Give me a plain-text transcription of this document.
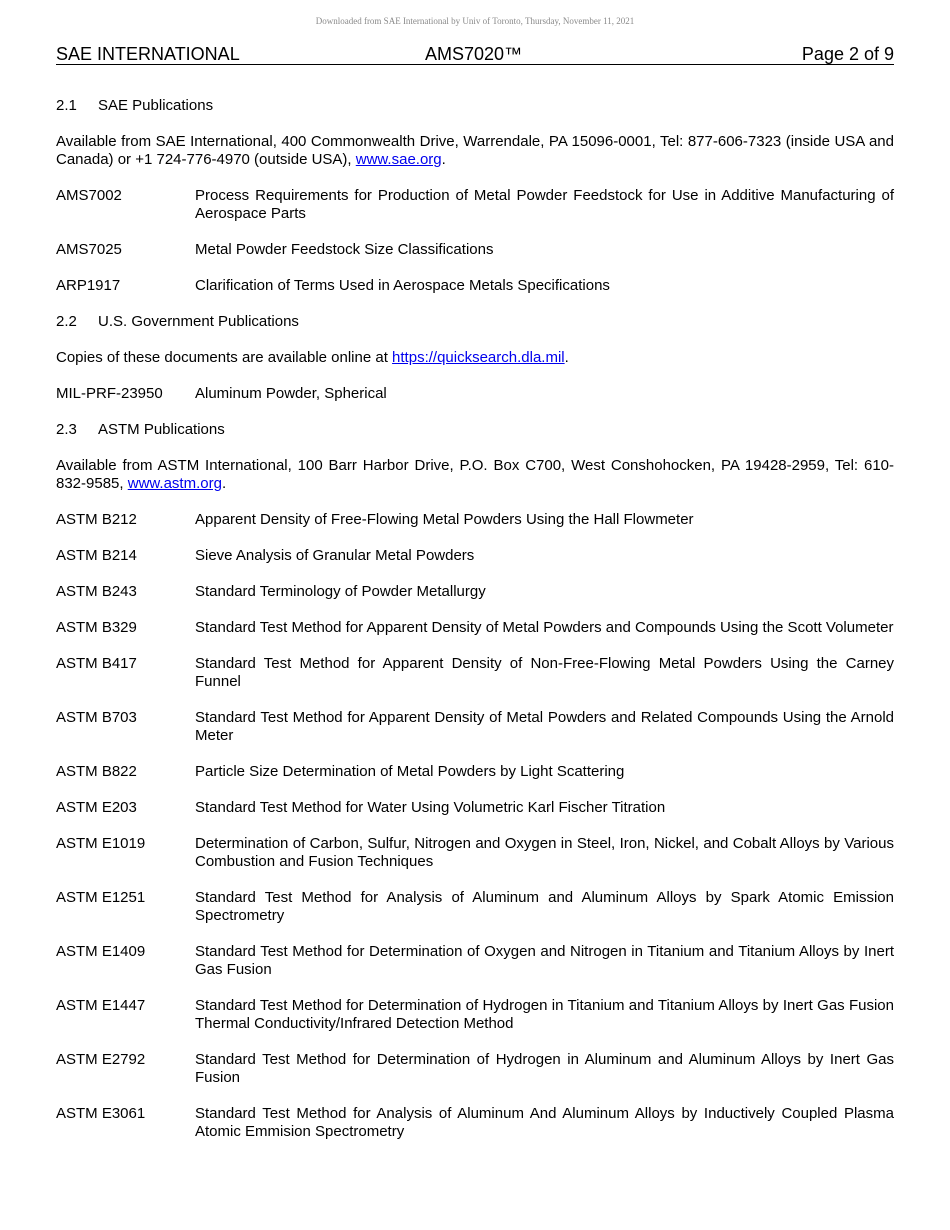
Downloaded from SAE International by Univ of Toronto, Thursday, November 11, 2021
SAE INTERNATIONAL	AMS7020™	Page 2 of 9
2.1 SAE Publications

Available from SAE International, 400 Commonwealth Drive, Warrendale, PA 15096-0001, Tel: 877-606-7323 (inside USA and Canada) or +1 724-776-4970 (outside USA), www.sae.org.

AMS7002	Process Requirements for Production of Metal Powder Feedstock for Use in Additive Manufacturing of Aerospace Parts
AMS7025	Metal Powder Feedstock Size Classifications
ARP1917	Clarification of Terms Used in Aerospace Metals Specifications
2.2 U.S. Government Publications

Copies of these documents are available online at https://quicksearch.dla.mil.

MIL-PRF-23950	Aluminum Powder, Spherical
2.3 ASTM Publications

Available from ASTM International, 100 Barr Harbor Drive, P.O. Box C700, West Conshohocken, PA 19428-2959, Tel: 610-832-9585, www.astm.org.

ASTM B212	Apparent Density of Free-Flowing Metal Powders Using the Hall Flowmeter
ASTM B214	Sieve Analysis of Granular Metal Powders
ASTM B243	Standard Terminology of Powder Metallurgy
ASTM B329	Standard Test Method for Apparent Density of Metal Powders and Compounds Using the Scott Volumeter
ASTM B417	Standard Test Method for Apparent Density of Non-Free-Flowing Metal Powders Using the Carney Funnel
ASTM B703	Standard Test Method for Apparent Density of Metal Powders and Related Compounds Using the Arnold Meter
ASTM B822	Particle Size Determination of Metal Powders by Light Scattering
ASTM E203	Standard Test Method for Water Using Volumetric Karl Fischer Titration
ASTM E1019	Determination of Carbon, Sulfur, Nitrogen and Oxygen in Steel, Iron, Nickel, and Cobalt Alloys by Various Combustion and Fusion Techniques
ASTM E1251	Standard Test Method for Analysis of Aluminum and Aluminum Alloys by Spark Atomic Emission Spectrometry
ASTM E1409	Standard Test Method for Determination of Oxygen and Nitrogen in Titanium and Titanium Alloys by Inert Gas Fusion
ASTM E1447	Standard Test Method for Determination of Hydrogen in Titanium and Titanium Alloys by Inert Gas Fusion Thermal Conductivity/Infrared Detection Method
ASTM E2792	Standard Test Method for Determination of Hydrogen in Aluminum and Aluminum Alloys by Inert Gas Fusion
ASTM E3061	Standard Test Method for Analysis of Aluminum And Aluminum Alloys by Inductively Coupled Plasma Atomic Emmision Spectrometry
